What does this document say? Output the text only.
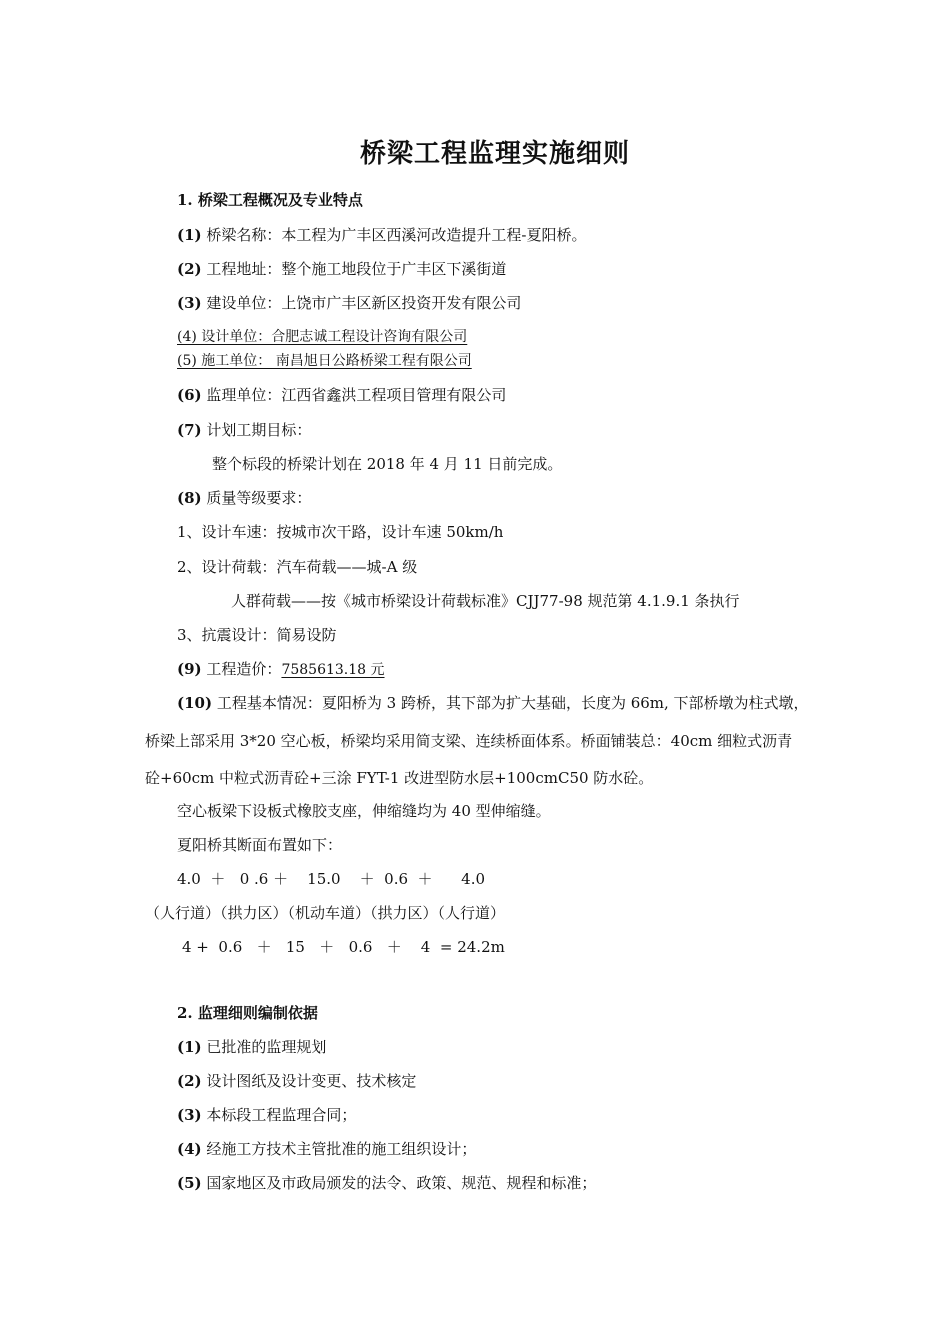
桥梁工程监理实施细则
1. 桥梁工程概况及专业特点
(1) 桥梁名称：本工程为广丰区西溪河改造提升工程-夏阳桥。
(2) 工程地址：整个施工地段位于广丰区下溪街道
(3) 建设单位：上饶市广丰区新区投资开发有限公司
(4) 设计单位：合肥志诚工程设计咨询有限公司
(5) 施工单位： 南昌旭日公路桥梁工程有限公司
(6) 监理单位：江西省鑫洪工程项目管理有限公司
(7) 计划工期目标：
整个标段的桥梁计划在 2018 年 4 月 11 日前完成。
(8) 质量等级要求：
1、设计车速：按城市次干路，设计车速 50km/h
2、设计荷载：汽车荷载——城-A 级
人群荷载——按《城市桥梁设计荷载标准》CJJ77-98 规范第 4.1.9.1 条执行
3、抗震设计：简易设防
(9) 工程造价：7585613.18 元
(10) 工程基本情况：夏阳桥为 3 跨桥，其下部为扩大基础，长度为 66m, 下部桥墩为柱式墩，
桥梁上部采用 3*20 空心板，桥梁均采用简支梁、连续桥面体系。桥面铺装总：40cm 细粒式沥青
砼+60cm 中粒式沥青砼+三涂 FYT-1 改进型防水层+100cmC50 防水砼。
空心板梁下设板式橡胶支座，伸缩缝均为 40 型伸缩缝。
夏阳桥其断面布置如下：
4.0  ＋   0 .6 ＋    15.0    ＋  0.6  ＋      4.0
（人行道）（拱力区）（机动车道）（拱力区）（人行道）
4 +  0.6   ＋   15   ＋   0.6   ＋    4  = 24.2m
2. 监理细则编制依据
(1) 已批准的监理规划
(2) 设计图纸及设计变更、技术核定
(3) 本标段工程监理合同；
(4) 经施工方技术主管批准的施工组织设计；
(5) 国家地区及市政局颁发的法令、政策、规范、规程和标准；
